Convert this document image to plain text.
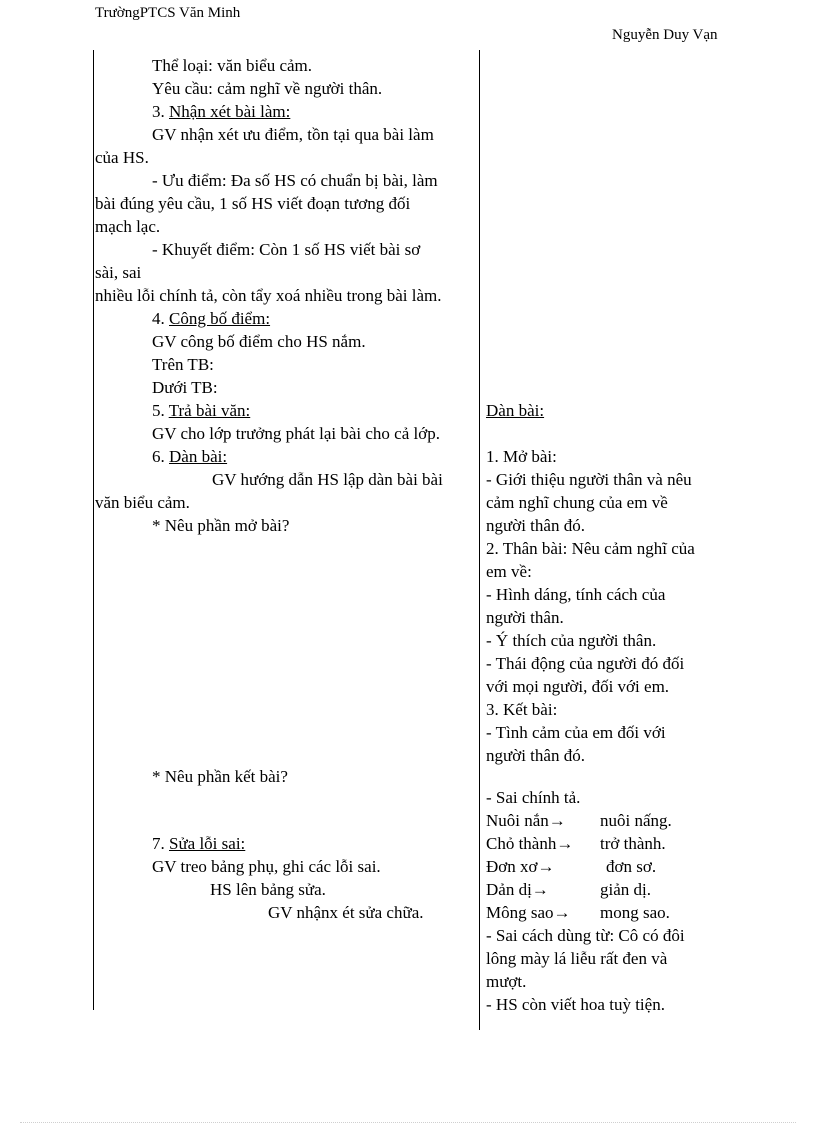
TrườngPTCS Văn Minh
Nguyễn Duy Vạn
Thể loại: văn biểu cảm.
Yêu cầu: cảm nghĩ về người thân.
3. Nhận xét bài làm:
GV nhận xét ưu điểm, tồn tại qua bài làm
của HS.
- Ưu điểm: Đa số HS có chuẩn bị bài, làm
bài đúng yêu cầu, 1 số HS viết đoạn tương đối
mạch lạc.
- Khuyết điểm: Còn 1 số HS viết bài sơ
sài, sai
nhiều lỗi chính tả, còn tẩy xoá nhiều trong bài làm.
4. Công bố điểm:
GV công bố điểm cho HS nắm.
Trên TB:
Dưới TB:
5. Trả bài văn:
GV cho lớp trưởng phát lại bài cho cả lớp.
6. Dàn bài:
GV hướng dẫn HS lập dàn bài bài
văn biểu cảm.
* Nêu phần mở bài?
* Nêu phần kết bài?
7. Sửa lỗi sai:
GV treo bảng phụ, ghi các lỗi sai.
HS lên bảng sửa.
GV nhậnx ét sửa chữa.
Dàn bài:
1. Mở bài:
- Giới thiệu người thân và nêu
cảm nghĩ chung của em về
người thân đó.
2. Thân bài: Nêu cảm nghĩ của
em về:
- Hình dáng, tính cách của
người thân.
- Ý thích của người thân.
- Thái động của người đó đối
với mọi người, đối với em.
3. Kết bài:
- Tình cảm của em đối với
người thân đó.
- Sai chính tả.
Nuôi nắn→ nuôi nấng.
Chỏ thành→ trở thành.
Đơn xơ→	đơn sơ.
Dản dị→	giản dị.
Mông sao→ mong sao.
- Sai cách dùng từ: Cô có đôi
lông mày lá liễu rất đen và
mượt.
- HS còn viết hoa tuỳ tiện.
